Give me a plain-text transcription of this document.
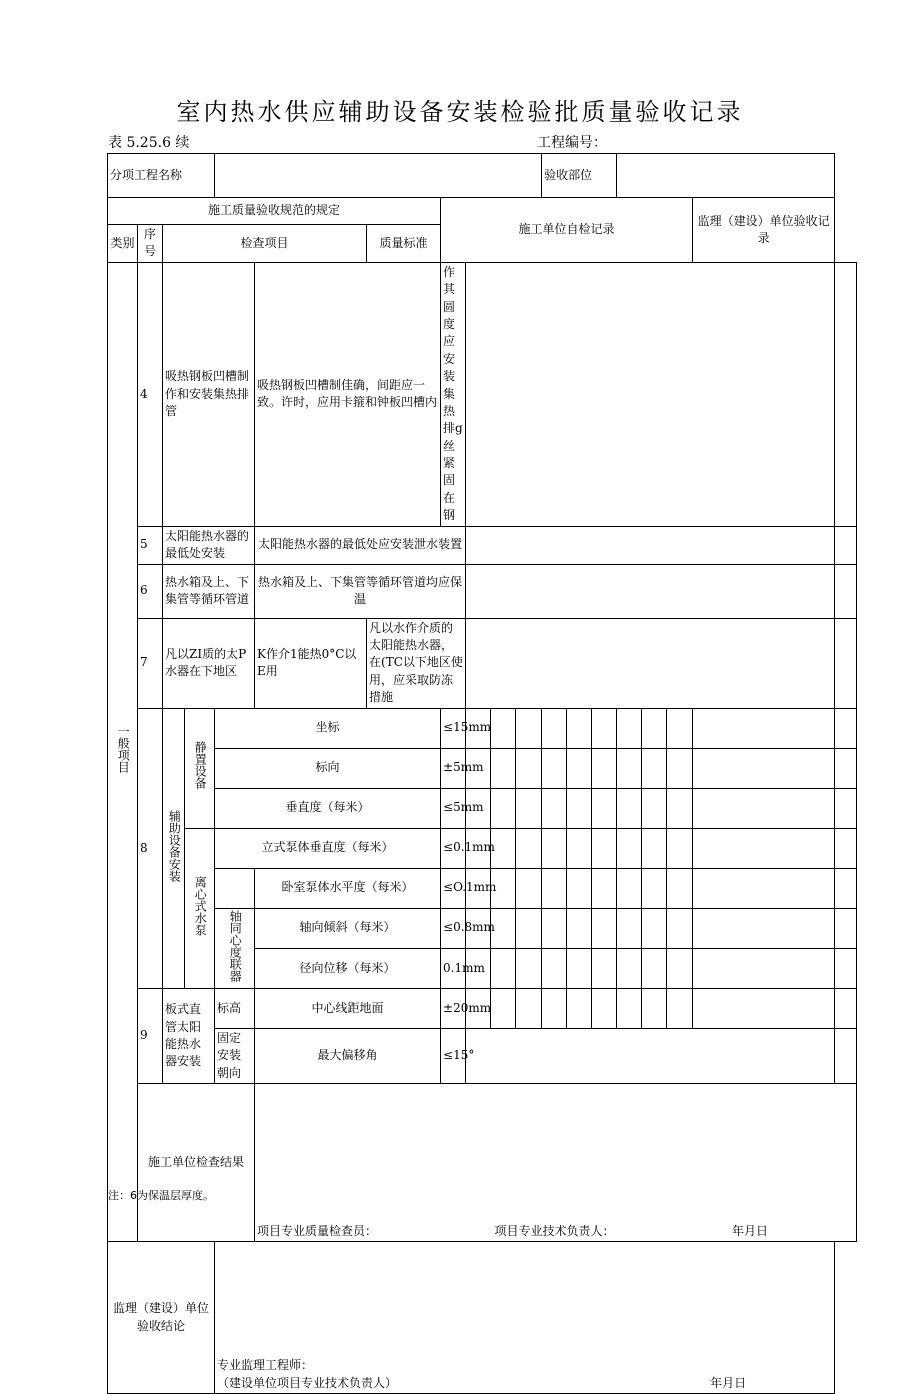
室内热水供应辅助设备安装检验批质量验收记录
表 5.25.6 续	工程编号：
分项工程名称											验收部位							
施工质量验收规范的规定							施工单位自检记录										监理（建设）单位验收记录	
类别	序号	检查项目				质量标准												
一般项目	4	吸热钢板凹槽制作和安装集热排管			吸热钢板凹槽制佳确，间距应一致。许时，应用卡箍和钟板凹槽内		作其圆度应安装集热排g丝紧固在钢											
	5	太阳能热水器的最低处安装			太阳能热水器的最低处应安装泄水装置													
	6	热水箱及上、下集管等循环管道			热水箱及上、下集管等循环管道均应保温													
	7	凡以ZI质的太P水器在下地区			K作介1能热0°C以E用	凡以水作介质的太阳能热水器，在(TC以下地区使用，应采取防冻措施												
	8	辅助设备安装	静置设备	坐标			≤15mm											
				标向			±5mm											
				垂直度（每米）			≤5mm											
			离心式水泵	立式泵体垂直度（每米）			≤0.1mm											
					卧室泵体水平度（每米）		≤O.1mm											
				轴同心度联器	轴向倾斜（每米）		≤0.8mm											
					径向位移（每米）		0.1mm											
	9	板式直管太阳能热水器安装		标高	中心线距地面		±20mm											
				固定安装朝向	最大偏移角		≤15°											
	施工单位检查结果				项目专业质量检查员： 项目专业技术负责人： 年月日													

监理（建设）单位验收结论				专业监理工程师：
（建设单位项目专业技术负责人） 年月日														
注：6为保温层厚度。
